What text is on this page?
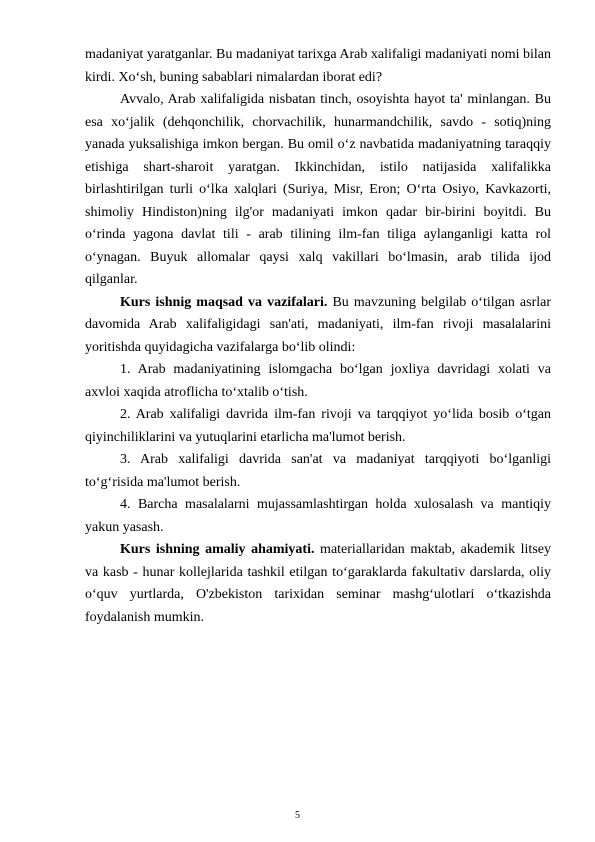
madaniyat yaratganlar. Bu madaniyat tarixga Arab xalifaligi madaniyati nomi bilan kirdi. Xo‘sh, buning sabablari nimalardan iborat edi?

Avvalo, Arab xalifaligida nisbatan tinch, osoyishta hayot ta' minlangan. Bu esa xo‘jalik (dehqonchilik, chorvachilik, hunarmandchilik, savdo - sotiq)ning yanada yuksalishiga imkon bergan. Bu omil o‘z navbatida madaniyatning taraqqiy etishiga shart-sharoit yaratgan. Ikkinchidan, istilo natijasida xalifalikka birlashtirilgan turli o‘lka xalqlari (Suriya, Misr, Eron; O‘rta Osiyo, Kavkazorti, shimoliy Hindiston)ning ilg'or madaniyati imkon qadar bir-birini boyitdi. Bu o‘rinda yagona davlat tili - arab tilining ilm-fan tiliga aylanganligi katta rol o‘ynagan. Buyuk allomalar qaysi xalq vakillari bo‘lmasin, arab tilida ijod qilganlar.

Kurs ishnig maqsad va vazifalari. Bu mavzuning belgilab o‘tilgan asrlar davomida Arab xalifaligidagi san'ati, madaniyati, ilm-fan rivoji masalalarini yoritishda quyidagicha vazifalarga bo‘lib olindi:

1. Arab madaniyatining islomgacha bo‘lgan joxliya davridagi xolati va axvloi xaqida atroflicha to‘xtalib o‘tish.

2. Arab xalifaligi davrida ilm-fan rivoji va tarqqiyot yo‘lida bosib o‘tgan qiyinchiliklarini va yutuqlarini etarlicha ma'lumot berish.

3. Arab xalifaligi davrida san'at va madaniyat tarqqiyoti bo‘lganligi to‘g‘risida ma'lumot berish.

4. Barcha masalalarni mujassamlashtirgan holda xulosalash va mantiqiy yakun yasash.

Kurs ishning amaliy ahamiyati. materiallaridan maktab, akademik litsey va kasb - hunar kollejlarida tashkil etilgan to‘garaklarda fakultativ darslarda, oliy o‘quv yurtlarda, O'zbekiston tarixidan seminar mashg‘ulotlari o‘tkazishda foydalanish mumkin.

5
